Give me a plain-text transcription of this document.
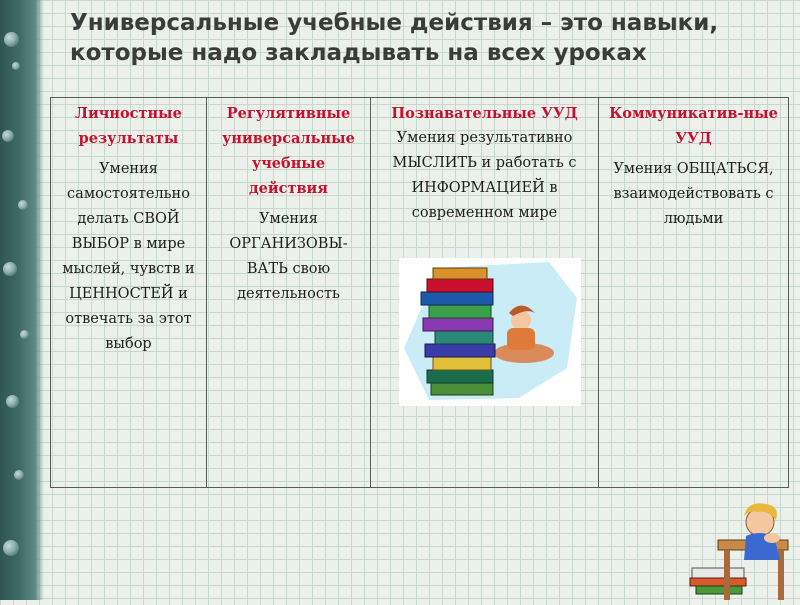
Универсальные учебные действия – это навыки, которые надо закладывать на всех уроках
Личностные результаты
Умения самостоятельно делать СВОЙ ВЫБОР в мире мыслей, чувств и ЦЕННОСТЕЙ и отвечать за этот выбор
Регулятивные универсальные учебные действия
Умения ОРГАНИЗОВЫ-ВАТЬ свою деятельность
Познавательные УУД
Умения результативно МЫСЛИТЬ и работать с ИНФОРМАЦИЕЙ в современном мире
Коммуникатив-ные УУД
Умения ОБЩАТЬСЯ, взаимодействовать с людьми
